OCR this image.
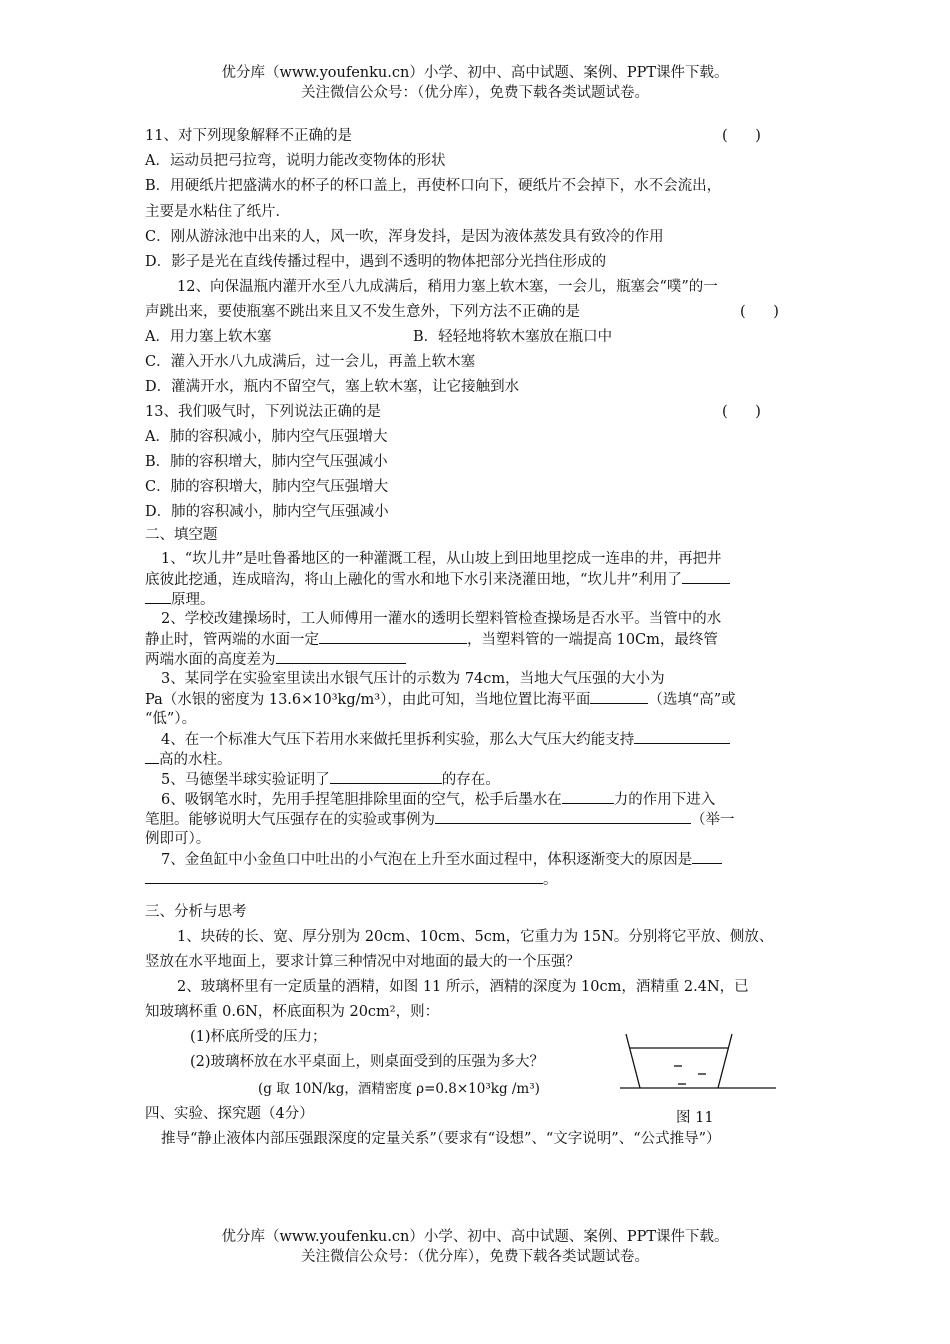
优分库（www.youfenku.cn）小学、初中、高中试题、案例、PPT课件下载。
关注微信公众号：（优分库），免费下载各类试题试卷。
11、对下列现象解释不正确的是	(      )
A．运动员把弓拉弯，说明力能改变物体的形状
B．用硬纸片把盛满水的杯子的杯口盖上，再使杯口向下，硬纸片不会掉下，水不会流出，
主要是水粘住了纸片．
C．刚从游泳池中出来的人，风一吹，浑身发抖，是因为液体蒸发具有致冷的作用
D．影子是光在直线传播过程中，遇到不透明的物体把部分光挡住形成的
12、向保温瓶内灌开水至八九成满后，稍用力塞上软木塞，一会儿，瓶塞会“噗”的一
声跳出来，要使瓶塞不跳出来且又不发生意外，下列方法不正确的是	(      )
A．用力塞上软木塞	B．轻轻地将软木塞放在瓶口中
C．灌入开水八九成满后，过一会儿，再盖上软木塞
D．灌满开水，瓶内不留空气，塞上软木塞，让它接触到水
13、我们吸气时，下列说法正确的是	(      )
A．肺的容积减小，肺内空气压强增大
B．肺的容积增大，肺内空气压强减小
C．肺的容积增大，肺内空气压强增大
D．肺的容积减小，肺内空气压强减小
二、填空题
1、“坎儿井”是吐鲁番地区的一种灌溉工程，从山坡上到田地里挖成一连串的井，再把井
底彼此挖通，连成暗沟，将山上融化的雪水和地下水引来浇灌田地，“坎儿井”利用了
原理。
2、学校改建操场时，工人师傅用一灌水的透明长塑料管检查操场是否水平。当管中的水
静止时，管两端的水面一定	，当塑料管的一端提高 10Cm，最终管
两端水面的高度差为
3、某同学在实验室里读出水银气压计的示数为 74cm，当地大气压强的大小为
Pa（水银的密度为 13.6×10³kg/m³），由此可知，当地位置比海平面	（选填“高”或
“低”）。
4、在一个标准大气压下若用水来做托里拆利实验，那么大气压大约能支持
高的水柱。
5、马德堡半球实验证明了	的存在。
6、吸钢笔水时，先用手捏笔胆排除里面的空气，松手后墨水在	力的作用下进入
笔胆。能够说明大气压强存在的实验或事例为	（举一
例即可）。
7、金鱼缸中小金鱼口中吐出的小气泡在上升至水面过程中，体积逐渐变大的原因是
。
三、分析与思考
1、块砖的长、宽、厚分别为 20cm、10cm、5cm，它重力为 15N。分别将它平放、侧放、
竖放在水平地面上，要求计算三种情况中对地面的最大的一个压强？
2、玻璃杯里有一定质量的酒精，如图 11 所示，酒精的深度为 10cm，酒精重 2.4N，已
知玻璃杯重 0.6N，杯底面积为 20cm²，则：
(1)杯底所受的压力；
(2)玻璃杯放在水平桌面上，则桌面受到的压强为多大？
(g 取 10N/kg，酒精密度 ρ=0.8×10³kg /m³)
图 11
四、实验、探究题（4分）
推导“静止液体内部压强跟深度的定量关系”（要求有“设想”、“文字说明”、“公式推导”）
优分库（www.youfenku.cn）小学、初中、高中试题、案例、PPT课件下载。
关注微信公众号：（优分库），免费下载各类试题试卷。
